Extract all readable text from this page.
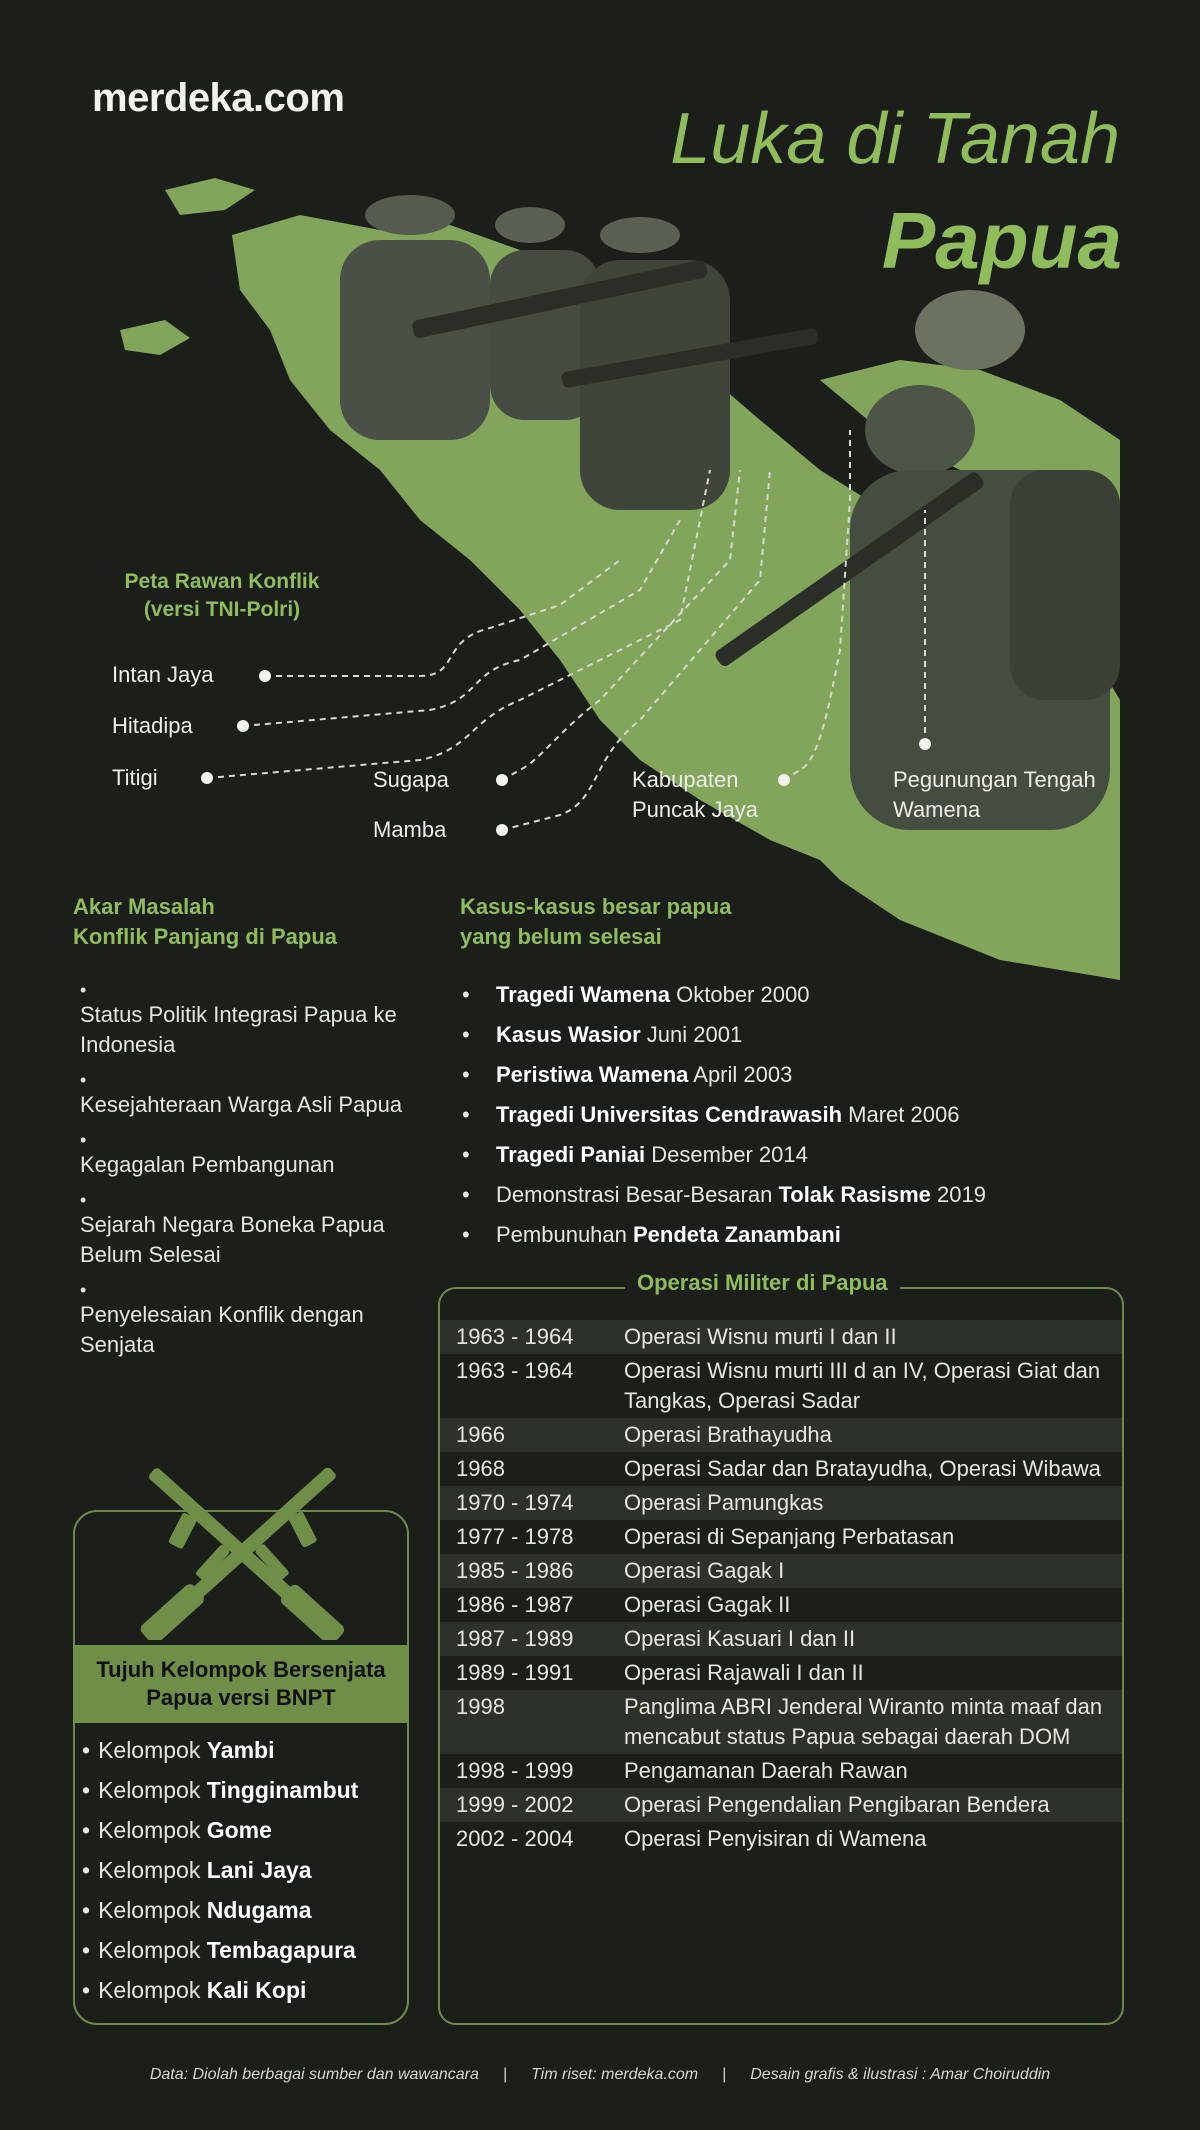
merdeka.com
Luka di Tanah
Papua
Peta Rawan Konflik
(versi TNI-Polri)
Intan Jaya
Hitadipa
Titigi	Sugapa
Mamba
Kabupaten Puncak Jaya
Pegunungan Tengah Wamena
Akar Masalah
Konflik Panjang di Papua
• Status Politik Integrasi Papua ke Indonesia
• Kesejahteraan Warga Asli Papua
• Kegagalan Pembangunan
• Sejarah Negara Boneka Papua Belum Selesai
• Penyelesaian Konflik dengan Senjata
Kasus-kasus besar papua
yang belum selesai
• Tragedi Wamena Oktober 2000
• Kasus Wasior Juni 2001
• Peristiwa Wamena April 2003
• Tragedi Universitas Cendrawasih Maret 2006
• Tragedi Paniai Desember 2014
• Demonstrasi Besar-Besaran Tolak Rasisme 2019
• Pembunuhan Pendeta Zanambani
Operasi Militer di Papua
1963 - 1964	Operasi Wisnu murti I dan II
1963 - 1964	Operasi Wisnu murti III d an IV, Operasi Giat dan Tangkas, Operasi Sadar
1966	Operasi Brathayudha
1968	Operasi Sadar dan Bratayudha, Operasi Wibawa
1970 - 1974	Operasi Pamungkas
1977 - 1978	Operasi di Sepanjang Perbatasan
1985 - 1986	Operasi Gagak I
1986 - 1987	Operasi Gagak II
1987 - 1989	Operasi Kasuari I dan II
1989 - 1991	Operasi Rajawali I dan II
1998	Panglima ABRI Jenderal Wiranto minta maaf dan mencabut status Papua sebagai daerah DOM
1998 - 1999	Pengamanan Daerah Rawan
1999 - 2002	Operasi Pengendalian Pengibaran Bendera
2002 - 2004	Operasi Penyisiran di Wamena
Tujuh Kelompok Bersenjata
Papua versi BNPT
• Kelompok Yambi
• Kelompok Tingginambut
• Kelompok Gome
• Kelompok Lani Jaya
• Kelompok Ndugama
• Kelompok Tembagapura
• Kelompok Kali Kopi
Data: Diolah berbagai sumber dan wawancara | Tim riset: merdeka.com | Desain grafis & ilustrasi : Amar Choiruddin
